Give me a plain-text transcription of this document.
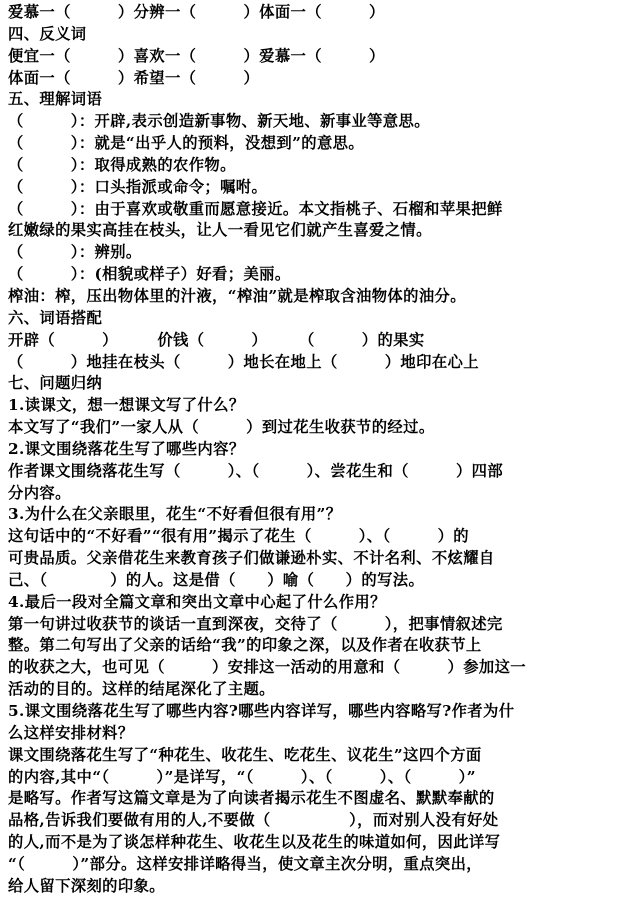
爱慕一（　　　）分辨一（　　　）体面一（　　　）
四、反义词
便宜一（　　　）喜欢一（　　　）爱慕一（　　　）
体面一（　　　）希望一（　　　）
五、理解词语
（　　　）：开辟,表示创造新事物、新天地、新事业等意思。
（　　　）：就是“出乎人的预料，没想到”的意思。
（　　　）：取得成熟的农作物。
（　　　）：口头指派或命令；嘱咐。
（　　　）：由于喜欢或敬重而愿意接近。本文指桃子、石榴和苹果把鲜
红嫩绿的果实高挂在枝头，让人一看见它们就产生喜爱之情。
（　　　）：辨别。
（　　　）：(相貌或样子）好看；美丽。
榨油：榨，压出物体里的汁液，“榨油”就是榨取含油物体的油分。
六、词语搭配
开辟（　　　）　　　价钱（　　　）　　　（　　　）的果实
（　　　）地挂在枝头（　　　）地长在地上（　　　）地印在心上
七、问题归纳
1.读课文，想一想课文写了什么？
本文写了“我们”一家人从（　　　）到过花生收获节的经过。
2.课文围绕落花生写了哪些内容？
作者课文围绕落花生写（　　　）、（　　　）、尝花生和（　　　）四部
分内容。
3.为什么在父亲眼里，花生“不好看但很有用”？
这句话中的“不好看”“很有用”揭示了花生（　　　）、（　　　）的
可贵品质。父亲借花生来教育孩子们做谦逊朴实、不计名利、不炫耀自
己、（　　　　）的人。这是借（　　）喻（　　）的写法。
4.最后一段对全篇文章和突出文章中心起了什么作用？
第一句讲过收获节的谈话一直到深夜，交待了（　　　），把事情叙述完
整。第二句写出了父亲的话给“我”的印象之深，以及作者在收获节上
的收获之大，也可见（　　　）安排这一活动的用意和（　　　）参加这一
活动的目的。这样的结尾深化了主题。
5.课文围绕落花生写了哪些内容?哪些内容详写，哪些内容略写?作者为什
么这样安排材料？
课文围绕落花生写了“种花生、收花生、吃花生、议花生”这四个方面
的内容,其中“（　　　）”是详写，“（　　　）、（　　　）、（　　　）”
是略写。作者写这篇文章是为了向读者揭示花生不图虚名、默默奉献的
品格,告诉我们要做有用的人,不要做（　　　　　），而对别人没有好处
的人,而不是为了谈怎样种花生、收花生以及花生的味道如何，因此详写
“（　　　）”部分。这样安排详略得当，使文章主次分明，重点突出，
给人留下深刻的印象。
